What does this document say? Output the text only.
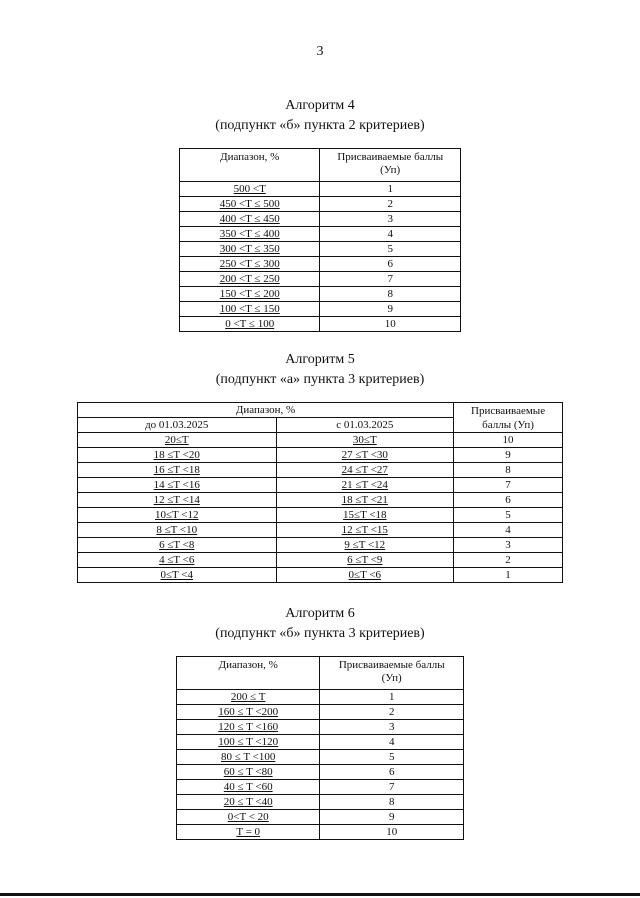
3
Алгоритм 4
(подпункт «б» пункта 2 критериев)
Диапазон, %	Присваиваемые баллы
(Уп)
500 <T	1
450 <T ≤ 500	2
400 <T ≤ 450	3
350 <T ≤ 400	4
300 <T ≤ 350	5
250 <T ≤ 300	6
200 <T ≤ 250	7
150 <T ≤ 200	8
100 <T ≤ 150	9
0 <T ≤ 100	10
Алгоритм 5
(подпункт «а» пункта 3 критериев)
Диапазон, %		Присваиваемые
баллы (Уп)
до 01.03.2025	с 01.03.2025	
20≤T	30≤T	10
18 ≤T <20	27 ≤T <30	9
16 ≤T <18	24 ≤T <27	8
14 ≤T <16	21 ≤T <24	7
12 ≤T <14	18 ≤T <21	6
10≤T <12	15≤T <18	5
8 ≤T <10	12 ≤T <15	4
6 ≤T <8	9 ≤T <12	3
4 ≤T <6	6 ≤T <9	2
0≤T <4	0≤T <6	1
Алгоритм 6
(подпункт «б» пункта 3 критериев)
Диапазон, %	Присваиваемые баллы
(Уп)
200 ≤ T	1
160 ≤ T <200	2
120 ≤ T <160	3
100 ≤ T <120	4
80 ≤ T <100	5
60 ≤ T <80	6
40 ≤ T <60	7
20 ≤ T <40	8
0<T < 20	9
T = 0	10
